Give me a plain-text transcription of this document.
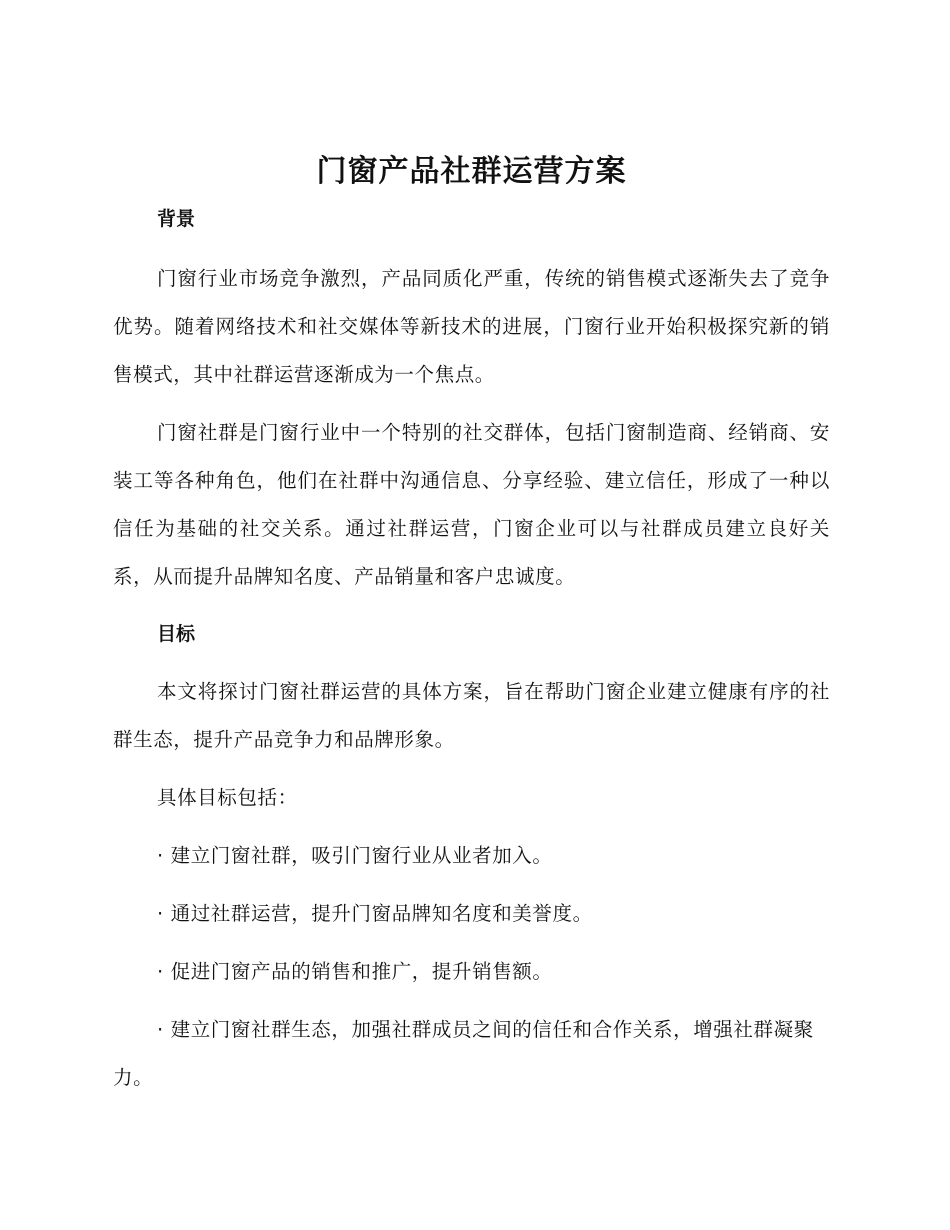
门窗产品社群运营方案
背景

门窗行业市场竞争激烈，产品同质化严重，传统的销售模式逐渐失去了竞争优势。随着网络技术和社交媒体等新技术的进展，门窗行业开始积极探究新的销售模式，其中社群运营逐渐成为一个焦点。

门窗社群是门窗行业中一个特别的社交群体，包括门窗制造商、经销商、安装工等各种角色，他们在社群中沟通信息、分享经验、建立信任，形成了一种以信任为基础的社交关系。通过社群运营，门窗企业可以与社群成员建立良好关系，从而提升品牌知名度、产品销量和客户忠诚度。

目标

本文将探讨门窗社群运营的具体方案，旨在帮助门窗企业建立健康有序的社群生态，提升产品竞争力和品牌形象。

具体目标包括：

· 建立门窗社群，吸引门窗行业从业者加入。

· 通过社群运营，提升门窗品牌知名度和美誉度。

· 促进门窗产品的销售和推广，提升销售额。

· 建立门窗社群生态，加强社群成员之间的信任和合作关系，增强社群凝聚力。
